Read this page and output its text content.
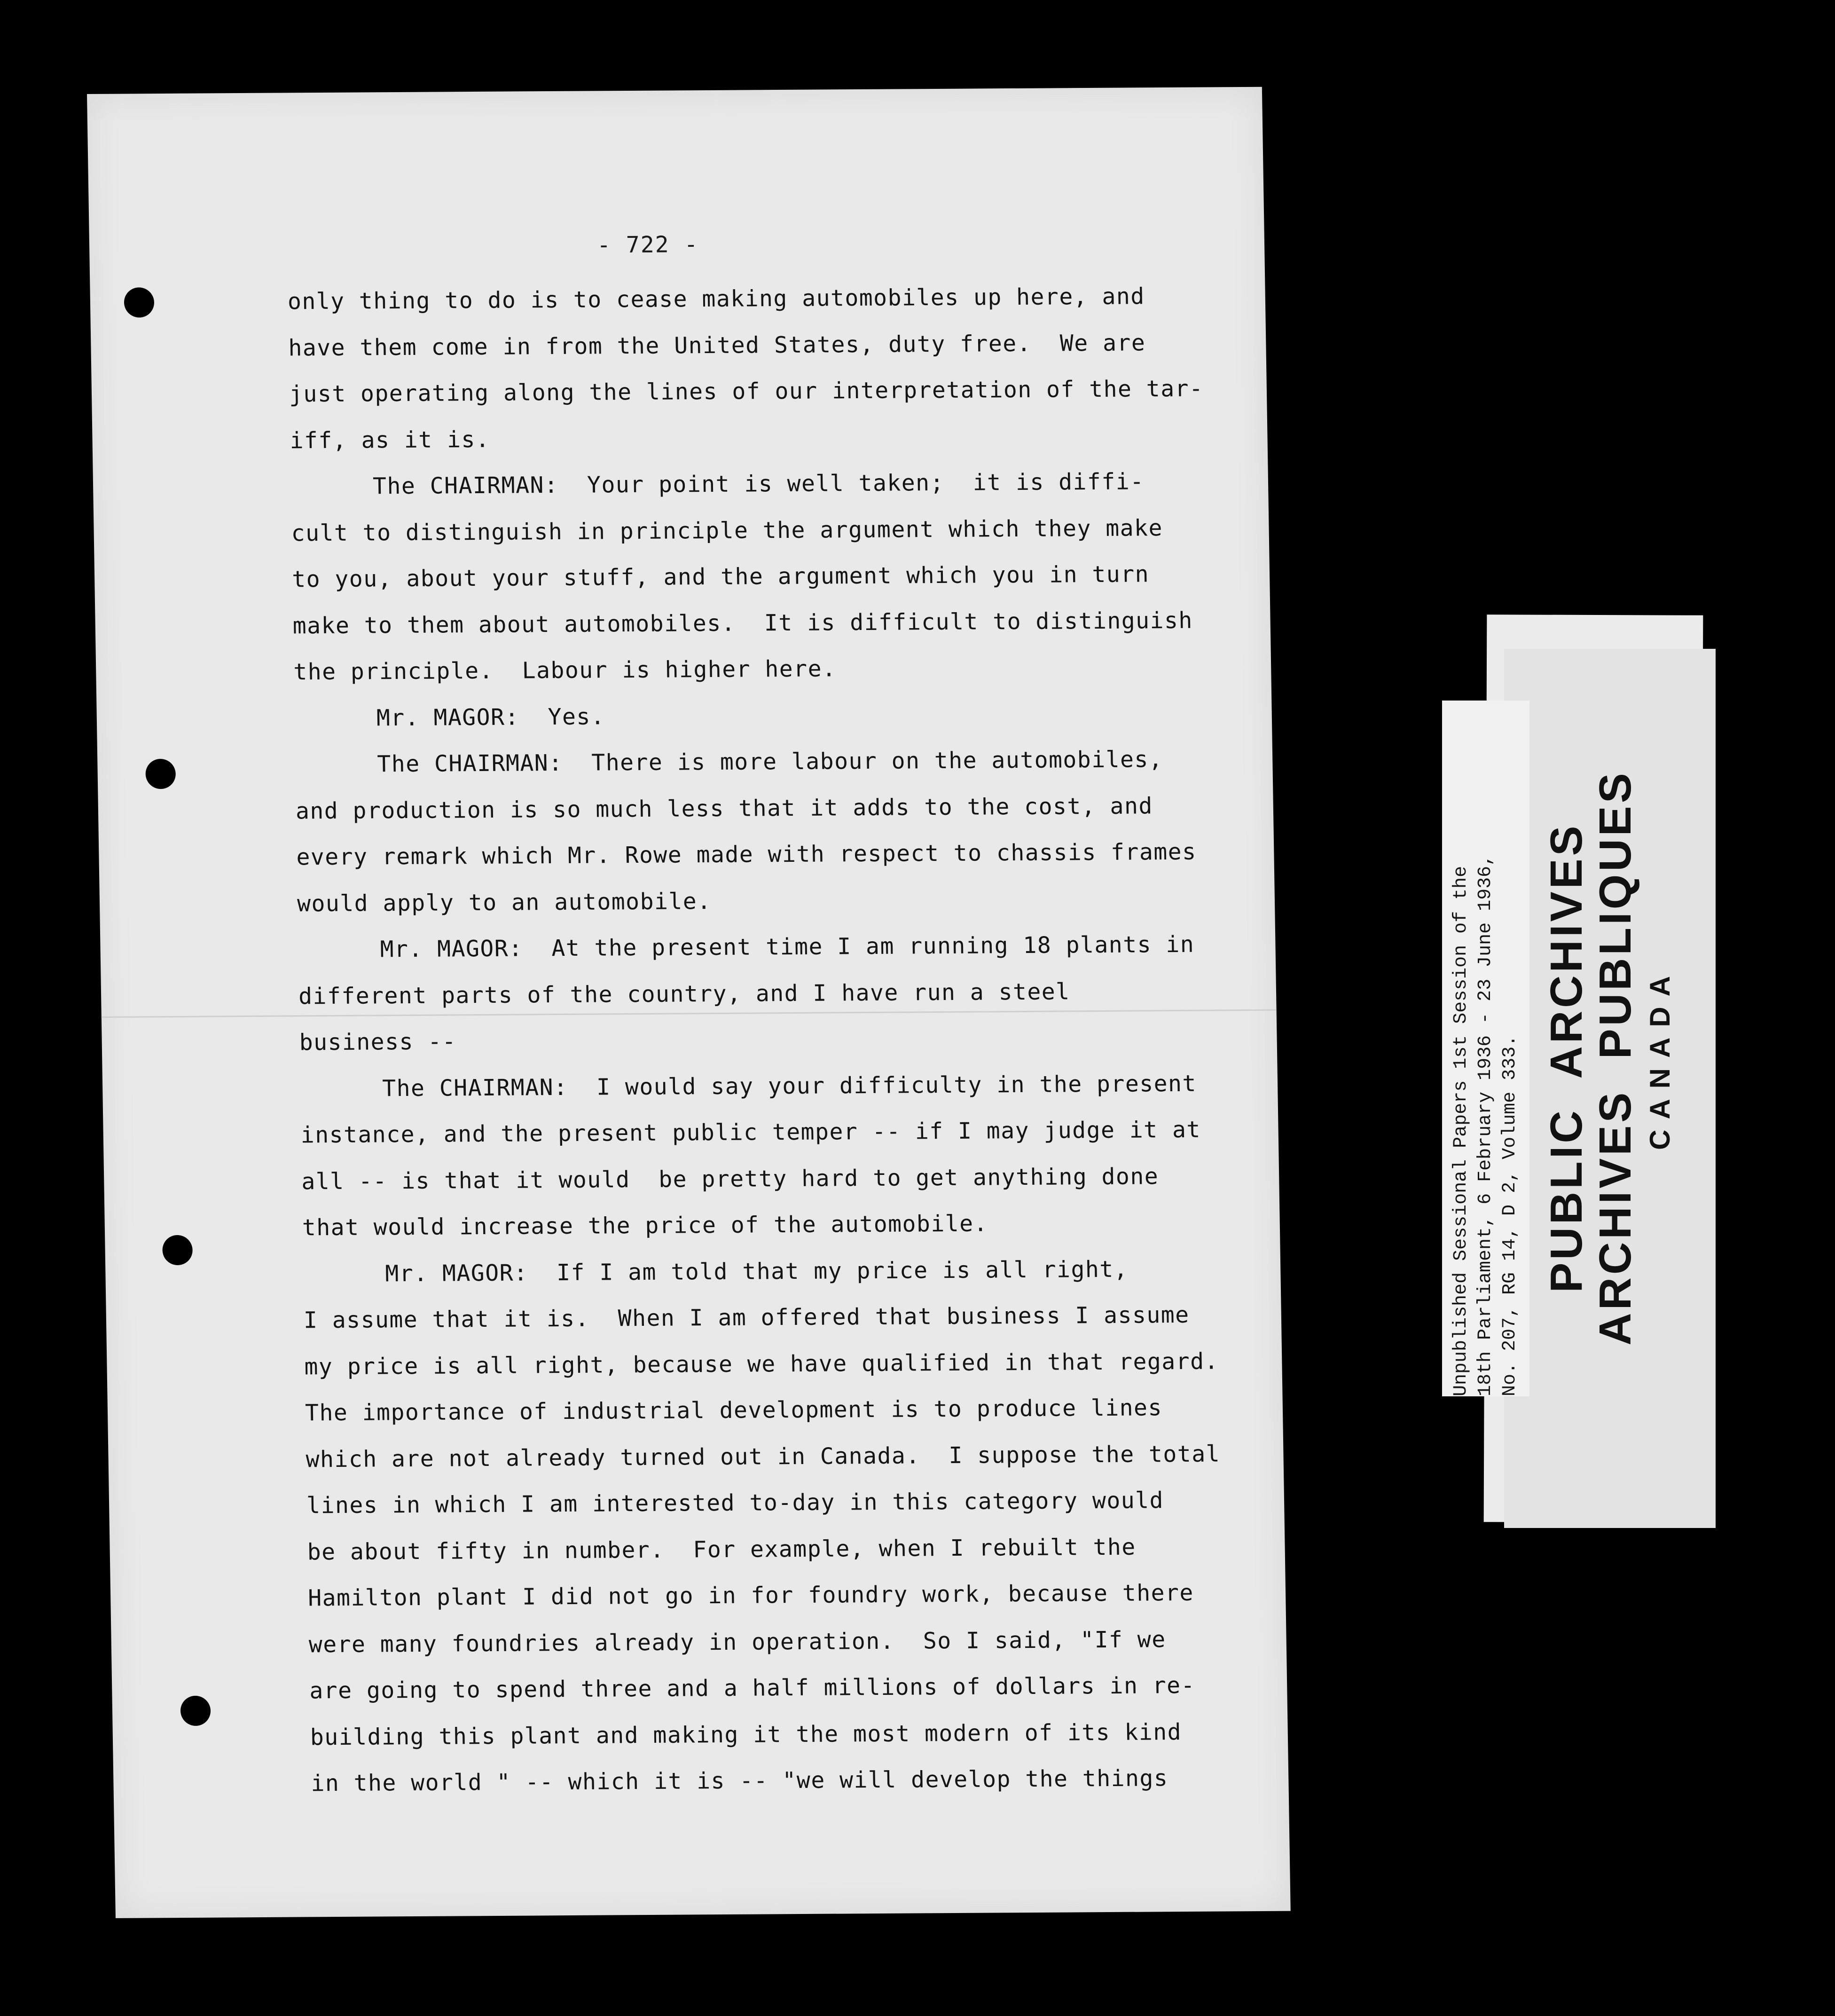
- 722 -
only thing to do is to cease making automobiles up here, and
have them come in from the United States, duty free.  We are
just operating along the lines of our interpretation of the tar-
iff, as it is.
The CHAIRMAN:  Your point is well taken;  it is diffi-
cult to distinguish in principle the argument which they make
to you, about your stuff, and the argument which you in turn
make to them about automobiles.  It is difficult to distinguish
the principle.  Labour is higher here.
Mr. MAGOR:  Yes.
The CHAIRMAN:  There is more labour on the automobiles,
and production is so much less that it adds to the cost, and
every remark which Mr. Rowe made with respect to chassis frames
would apply to an automobile.
Mr. MAGOR:  At the present time I am running 18 plants in
different parts of the country, and I have run a steel
business --
The CHAIRMAN:  I would say your difficulty in the present
instance, and the present public temper -- if I may judge it at
all -- is that it would  be pretty hard to get anything done
that would increase the price of the automobile.
Mr. MAGOR:  If I am told that my price is all right,
I assume that it is.  When I am offered that business I assume
my price is all right, because we have qualified in that regard.
The importance of industrial development is to produce lines
which are not already turned out in Canada.  I suppose the total
lines in which I am interested to-day in this category would
be about fifty in number.  For example, when I rebuilt the
Hamilton plant I did not go in for foundry work, because there
were many foundries already in operation.  So I said, "If we
are going to spend three and a half millions of dollars in re-
building this plant and making it the most modern of its kind
in the world " -- which it is -- "we will develop the things
Unpublished Sessional Papers 1st Session of the 18th Parliament, 6 February 1936 - 23 June 1936, No. 207, RG 14, D 2, Volume 333. PUBLIC  ARCHIVES
ARCHIVES  PUBLIQUES CANADA
